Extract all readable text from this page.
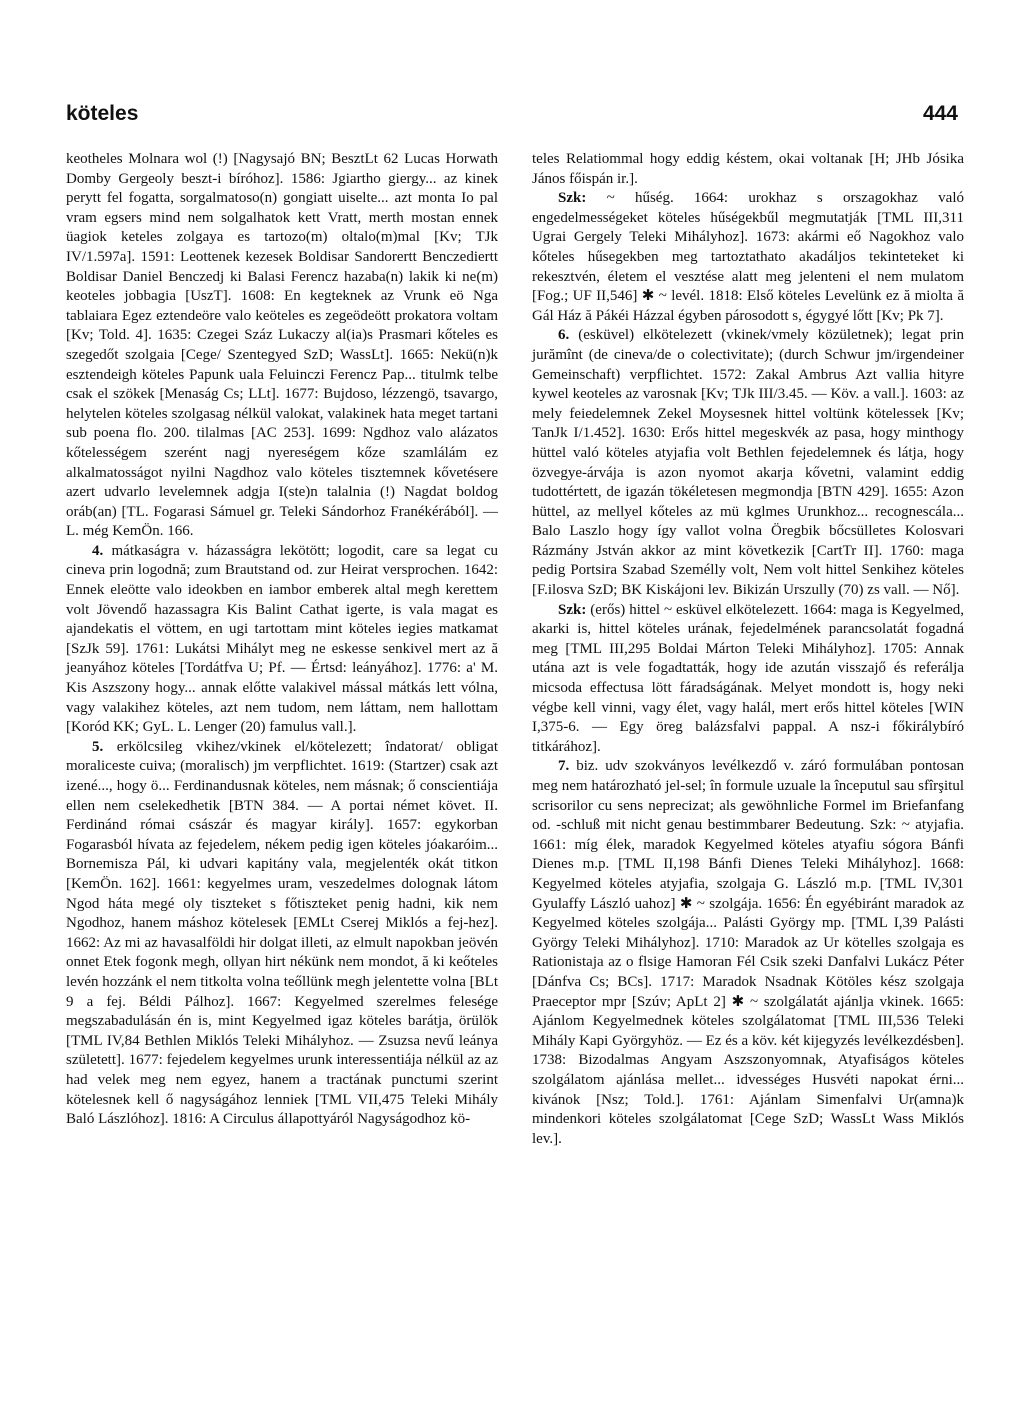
köteles	444

keotheles Molnara wol (!) [Nagysajó BN; BesztLt 62 Lucas Horwath Domby Gergeoly beszt-i bíróhoz]. 1586: Jgiartho giergy... az kinek perytt fel fogatta, sorgalmatoso(n) gongiatt uiselte... azt monta Io pal vram egsers mind nem solgalhatok kett Vratt, merth mostan ennek üagiok keteles zolgaya es tartozo(m) oltalo(m)mal [Kv; TJk IV/1.597a]. 1591: Leottenek kezesek Boldisar Sandorertt Benczediertt Boldisar Daniel Benczedj ki Balasi Ferencz hazaba(n) lakik ki ne(m) keoteles jobbagia [UszT]. 1608: En kegteknek az Vrunk eö Nga tablaiara Egez eztendeöre valo keöteles es zegeödeött prokatora voltam [Kv; Told. 4]. 1635: Czegei Száz Lukaczy al(ia)s Prasmari kőteles es szegedőt szolgaia [Cege/ Szentegyed SzD; WassLt]. 1665: Nekü(n)k esztendeigh köteles Papunk uala Feluinczi Ferencz Pap... titulmk telbe csak el szökek [Menaság Cs; LLt]. 1677: Bujdoso, lézzengö, tsavargo, helytelen köteles szolgasag nélkül valokat, valakinek hata meget tartani sub poena flo. 200. tilalmas [AC 253]. 1699: Ngdhoz valo alázatos kőtelességem szerént nagj nyereségem kőze szamlálám ez alkalmatosságot nyilni Nagdhoz valo köteles tisztemnek kővetésere azert udvarlo levelemnek adgja I(ste)n talalnia (!) Nagdat boldog oráb(an) [TL. Fogarasi Sámuel gr. Teleki Sándorhoz Franékérából]. — L. még KemÖn. 166.

4. mátkaságra v. házasságra lekötött; logodit, care sa legat cu cineva prin logodnă; zum Brautstand od. zur Heirat versprochen. 1642: Ennek eleötte valo ideokben en iambor emberek altal megh kerettem volt Jövendő hazassagra Kis Balint Cathat igerte, is vala magat es ajandekatis el vöttem, en ugi tartottam mint köteles iegies matkamat [SzJk 59]. 1761: Lukátsi Mihályt meg ne eskesse senkivel mert az ă jeanyához köteles [Tordátfva U; Pf. — Értsd: leányához]. 1776: a' M. Kis Aszszony hogy... annak előtte valakivel mással mátkás lett vólna, vagy valakihez köteles, azt nem tudom, nem láttam, nem hallottam [Koród KK; GyL. L. Lenger (20) famulus vall.].

5. erkölcsileg vkihez/vkinek el/kötelezett; îndatorat/ obligat moraliceste cuiva; (moralisch) jm verpflichtet. 1619: (Startzer) csak azt izené..., hogy ö... Ferdinandusnak köteles, nem másnak; ő conscientiája ellen nem cselekedhetik [BTN 384. — A portai német követ. II. Ferdinánd római császár és magyar király]. 1657: egykorban Fogarasból hívata az fejedelem, nékem pedig igen köteles jóakaróim... Bornemisza Pál, ki udvari kapitány vala, megjelenték okát titkon [KemÖn. 162]. 1661: kegyelmes uram, veszedelmes dolognak látom Ngod háta megé oly tiszteket s főtiszteket penig hadni, kik nem Ngodhoz, hanem máshoz kötelesek [EMLt Cserej Miklós a fej-hez]. 1662: Az mi az havasalföldi hir dolgat illeti, az elmult napokban jeövén onnet Etek fogonk megh, ollyan hirt nékünk nem mondot, ă ki keőteles levén hozzánk el nem titkolta volna teőllünk megh jelentette volna [BLt 9 a fej. Béldi Pálhoz]. 1667: Kegyelmed szerelmes felesége megszabadulásán én is, mint Kegyelmed igaz köteles barátja, örülök [TML IV,84 Bethlen Miklós Teleki Mihályhoz. — Zsuzsa nevű leánya született]. 1677: fejedelem kegyelmes urunk interessentiája nélkül az az had velek meg nem egyez, hanem a tractának punctumi szerint kötelesnek kell ő nagyságához lenniek [TML VII,475 Teleki Mihály Baló Lászlóhoz]. 1816: A Circulus állapottyáról Nagyságodhoz kö-

teles Relatiommal hogy eddig késtem, okai voltanak [H; JHb Jósika János főispán ir.].

Szk: ~ hűség. 1664: urokhaz s orszagokhaz való engedelmességeket köteles hűségekbűl megmutatják [TML III,311 Ugrai Gergely Teleki Mihályhoz]. 1673: akármi eő Nagokhoz valo kőteles hűsegekben meg tartoztathato akadáljos tekinteteket ki rekesztvén, életem el vesztése alatt meg jelenteni el nem mulatom [Fog.; UF II,546] ✱ ~ levél. 1818: Első köteles Levelünk ez ă mioltа ă Gál Ház ă Pákéi Házzal égyben párosodott s, égygyé lőtt [Kv; Pk 7].

6. (esküvel) elkötelezett (vkinek/vmely közületnek); legat prin jurămînt (de cineva/de o colectivitate); (durch Schwur jm/irgendeiner Gemeinschaft) verpflichtet. 1572: Zakal Ambrus Azt vallia hitуre kywel keoteles az varosnak [Kv; TJk III/3.45. — Köv. a vall.]. 1603: az mely feiedelemnek Zekel Moysesnek hittel voltünk kötelessek [Kv; TanJk I/1.452]. 1630: Erős hittel megeskvék az pasa, hogy minthogy hüttel való köteles atyjafia volt Bethlen fejedelemnek és látja, hogy özvegye-árvája is azon nyomot akarja kővetni, valamint eddig tudottértett, de igazán tökéletesen megmondja [BTN 429]. 1655: Azon hüttel, az mellyel kőteles az mü kglmes Urunkhoz... recognescála... Balo Laszlo hogy így vallot volna Öregbik bőcsülletes Kolosvari Rázmány Jstván akkor az mint következik [CartTr II]. 1760: maga pedig Portsira Szabad Személly volt, Nem volt hittel Senkihez köteles [F.ilosva SzD; BK Kiskájoni lev. Bikizán Urszully (70) zs vall. — Nő].

Szk: (erős) hittel ~ esküvel elkötelezett. 1664: maga is Kegyelmed, akarki is, hittel köteles urának, fejedelmének parancsolatát fogadná meg [TML III,295 Boldai Márton Teleki Mihályhoz]. 1705: Annak utána azt is vele fogadtatták, hogy ide azután visszajő és referálja micsoda effectusa lött fáradságának. Melyet mondott is, hogy neki végbe kell vinni, vagy élet, vagy halál, mert erős hittel köteles [WIN I,375-6. — Egy öreg balázsfalvi pappal. A nsz-i főkirálybíró titkárához].

7. biz. udv szokványos levélkezdő v. záró formulában pontosan meg nem határozható jel-sel; în formule uzuale la începutul sau sfîrşitul scrisorilor cu sens neprecizat; als gewöhnliche Formel im Briefanfang od. -schluß mit nicht genau bestimmbarer Bedeutung. Szk: ~ atyjafia. 1661: míg élek, maradok Kegyelmed köteles atyafiu sógora Bánfi Dienes m.p. [TML II,198 Bánfi Dienes Teleki Mihályhoz]. 1668: Kegyelmed köteles atyjafia, szolgaja G. László m.p. [TML IV,301 Gyulaffy László uahoz] ✱ ~ szolgája. 1656: Én egyébiránt maradok az Kegyelmed köteles szolgája... Palásti György mp. [TML I,39 Palásti György Teleki Mihályhoz]. 1710: Maradok az Ur kötelles szolgaja es Rationistaja az o flsige Hamoran Fél Csik szeki Danfalvi Lukácz Péter [Dánfva Cs; BCs]. 1717: Maradok Nsadnak Kötöles kész szolgaja Praeceptor mpr [Szúv; ApLt 2] ✱ ~ szolgálatát ajánlja vkinek. 1665: Ajánlom Kegyelmednek köteles szolgálatomat [TML III,536 Teleki Mihály Kapi Györgyhöz. — Ez és a köv. két kijegyzés levélkezdésben]. 1738: Bizodalmas Angyam Aszszonyomnak, Atyafiságos köteles szolgálatom ajánlása mellet... idvességes Husvéti napokat érni... kivánok [Nsz; Told.]. 1761: Ajánlam Simenfalvi Ur(amna)k mindenkori köteles szolgálatomat [Cege SzD; WassLt Wass Miklós lev.].
